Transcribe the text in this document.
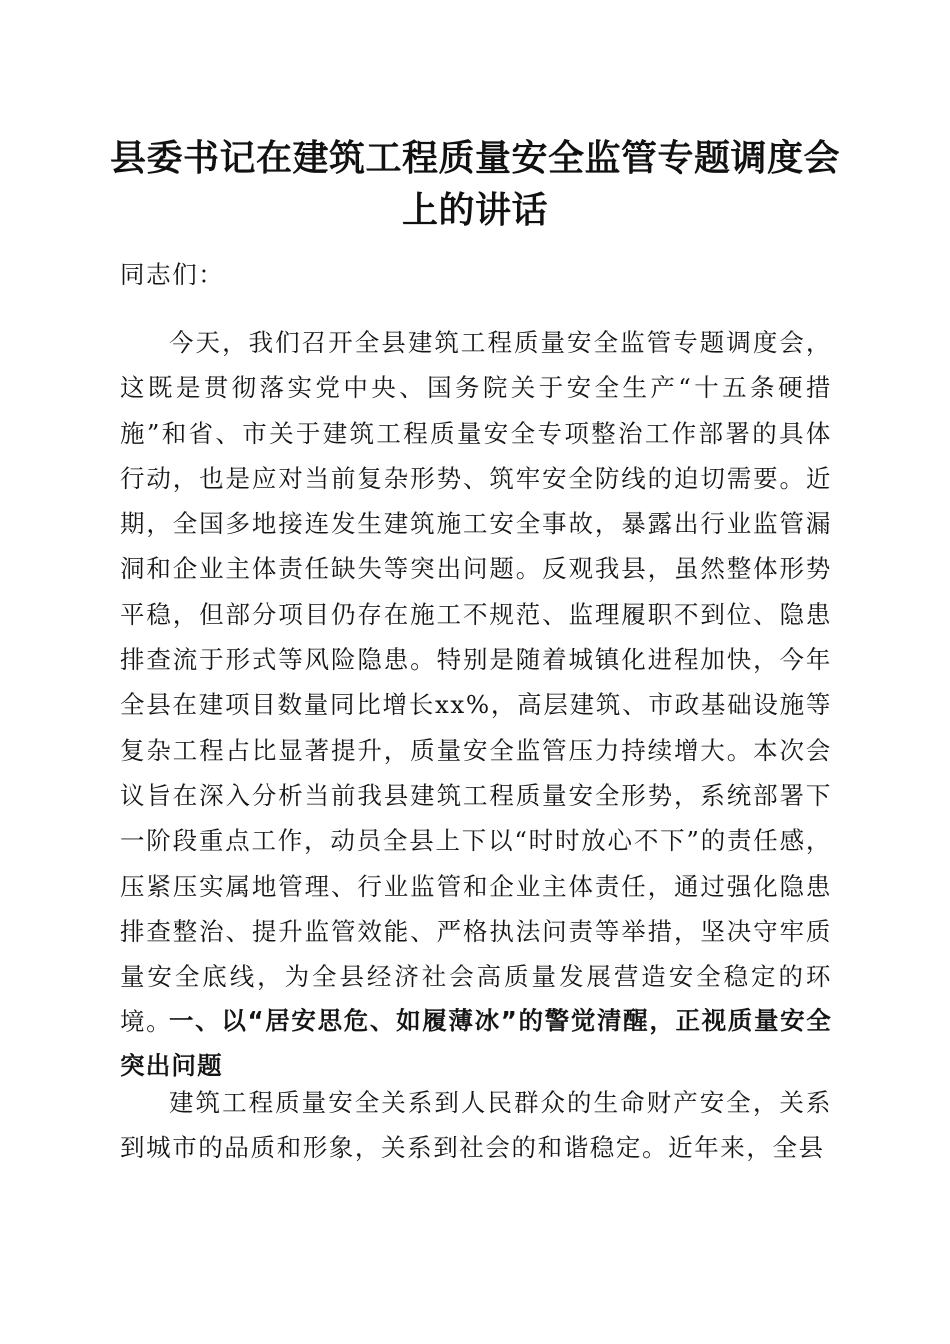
县委书记在建筑工程质量安全监管专题调度会上的讲话
同志们：
今天，我们召开全县建筑工程质量安全监管专题调度会，这既是贯彻落实党中央、国务院关于安全生产“十五条硬措施”和省、市关于建筑工程质量安全专项整治工作部署的具体行动，也是应对当前复杂形势、筑牢安全防线的迫切需要。近期，全国多地接连发生建筑施工安全事故，暴露出行业监管漏洞和企业主体责任缺失等突出问题。反观我县，虽然整体形势平稳，但部分项目仍存在施工不规范、监理履职不到位、隐患排查流于形式等风险隐患。特别是随着城镇化进程加快，今年全县在建项目数量同比增长xx%，高层建筑、市政基础设施等复杂工程占比显著提升，质量安全监管压力持续增大。本次会议旨在深入分析当前我县建筑工程质量安全形势，系统部署下一阶段重点工作，动员全县上下以“时时放心不下”的责任感，压紧压实属地管理、行业监管和企业主体责任，通过强化隐患排查整治、提升监管效能、严格执法问责等举措，坚决守牢质量安全底线，为全县经济社会高质量发展营造安全稳定的环境。
一、以“居安思危、如履薄冰”的警觉清醒，正视质量安全突出问题
建筑工程质量安全关系到人民群众的生命财产安全，关系到城市的品质和形象，关系到社会的和谐稳定。近年来，全县
